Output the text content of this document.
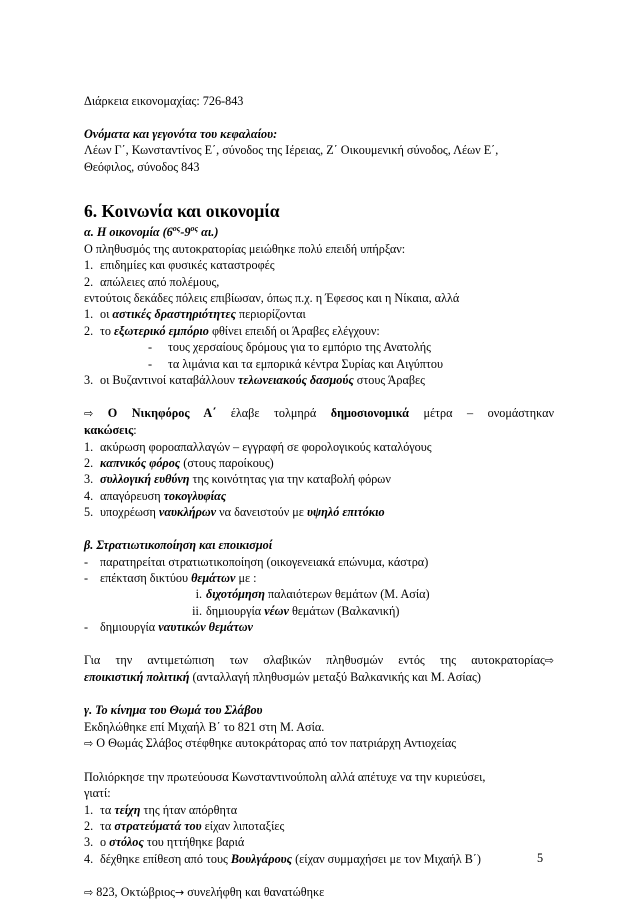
Διάρκεια εικονομαχίας: 726-843
Ονόματα και γεγονότα του κεφαλαίου:
Λέων Γ΄, Κωνσταντίνος Ε΄, σύνοδος της Ιέρειας, Ζ΄ Οικουμενική σύνοδος, Λέων Ε΄,
Θεόφιλος, σύνοδος 843
6. Κοινωνία και οικονομία
α. Η οικονομία ($6^{o\varsigma}-9^{o\varsigma}$ αι.)
Ο πληθυσμός της αυτοκρατορίας μειώθηκε πολύ επειδή υπήρξαν:
1. επιδημίες και φυσικές καταστροφές
2. απώλειες από πολέμους,
εντούτοις δεκάδες πόλεις επιβίωσαν, όπως π.χ. η Έφεσος και η Νίκαια, αλλά
1. οι αστικές δραστηριότητες περιορίζονται
2. το εξωτερικό εμπόριο φθίνει επειδή οι Άραβες ελέγχουν:
- τους χερσαίους δρόμους για το εμπόριο της Ανατολής
- τα λιμάνια και τα εμπορικά κέντρα Συρίας και Αιγύπτου
3. οι Βυζαντινοί καταβάλλουν τελωνειακούς δασμούς στους Άραβες
⇨ Ο Νικηφόρος Α΄ έλαβε τολμηρά δημοσιονομικά μέτρα – ονομάστηκαν
κακώσεις:
1. ακύρωση φοροαπαλλαγών – εγγραφή σε φορολογικούς καταλόγους
2. καπνικός φόρος (στους παροίκους)
3. συλλογική ευθύνη της κοινότητας για την καταβολή φόρων
4. απαγόρευση τοκογλυφίας
5. υποχρέωση ναυκλήρων να δανειστούν με υψηλό επιτόκιο
β. Στρατιωτικοποίηση και εποικισμοί
- παρατηρείται στρατιωτικοποίηση (οικογενειακά επώνυμα, κάστρα)
- επέκταση δικτύου θεμάτων με :
i. διχοτόμηση παλαιότερων θεμάτων (Μ. Ασία)
ii. δημιουργία νέων θεμάτων (Βαλκανική)
- δημιουργία ναυτικών θεμάτων
Για την αντιμετώπιση των σλαβικών πληθυσμών εντός της αυτοκρατορίας⇨
εποικιστική πολιτική (ανταλλαγή πληθυσμών μεταξύ Βαλκανικής και Μ. Ασίας)
γ. Το κίνημα του Θωμά του Σλάβου
Εκδηλώθηκε επί Μιχαήλ Β΄ το 821 στη Μ. Ασία.
⇨ Ο Θωμάς Σλάβος στέφθηκε αυτοκράτορας από τον πατριάρχη Αντιοχείας
Πολιόρκησε την πρωτεύουσα Κωνσταντινούπολη αλλά απέτυχε να την κυριεύσει,
γιατί:
1. τα τείχη της ήταν απόρθητα
2. τα στρατεύματά του είχαν λιποταξίες
3. ο στόλος του ηττήθηκε βαριά
4. δέχθηκε επίθεση από τους Βουλγάρους (είχαν συμμαχήσει με τον Μιχαήλ Β΄)
⇨ 823, Οκτώβριος→ συνελήφθη και θανατώθηκε
5
